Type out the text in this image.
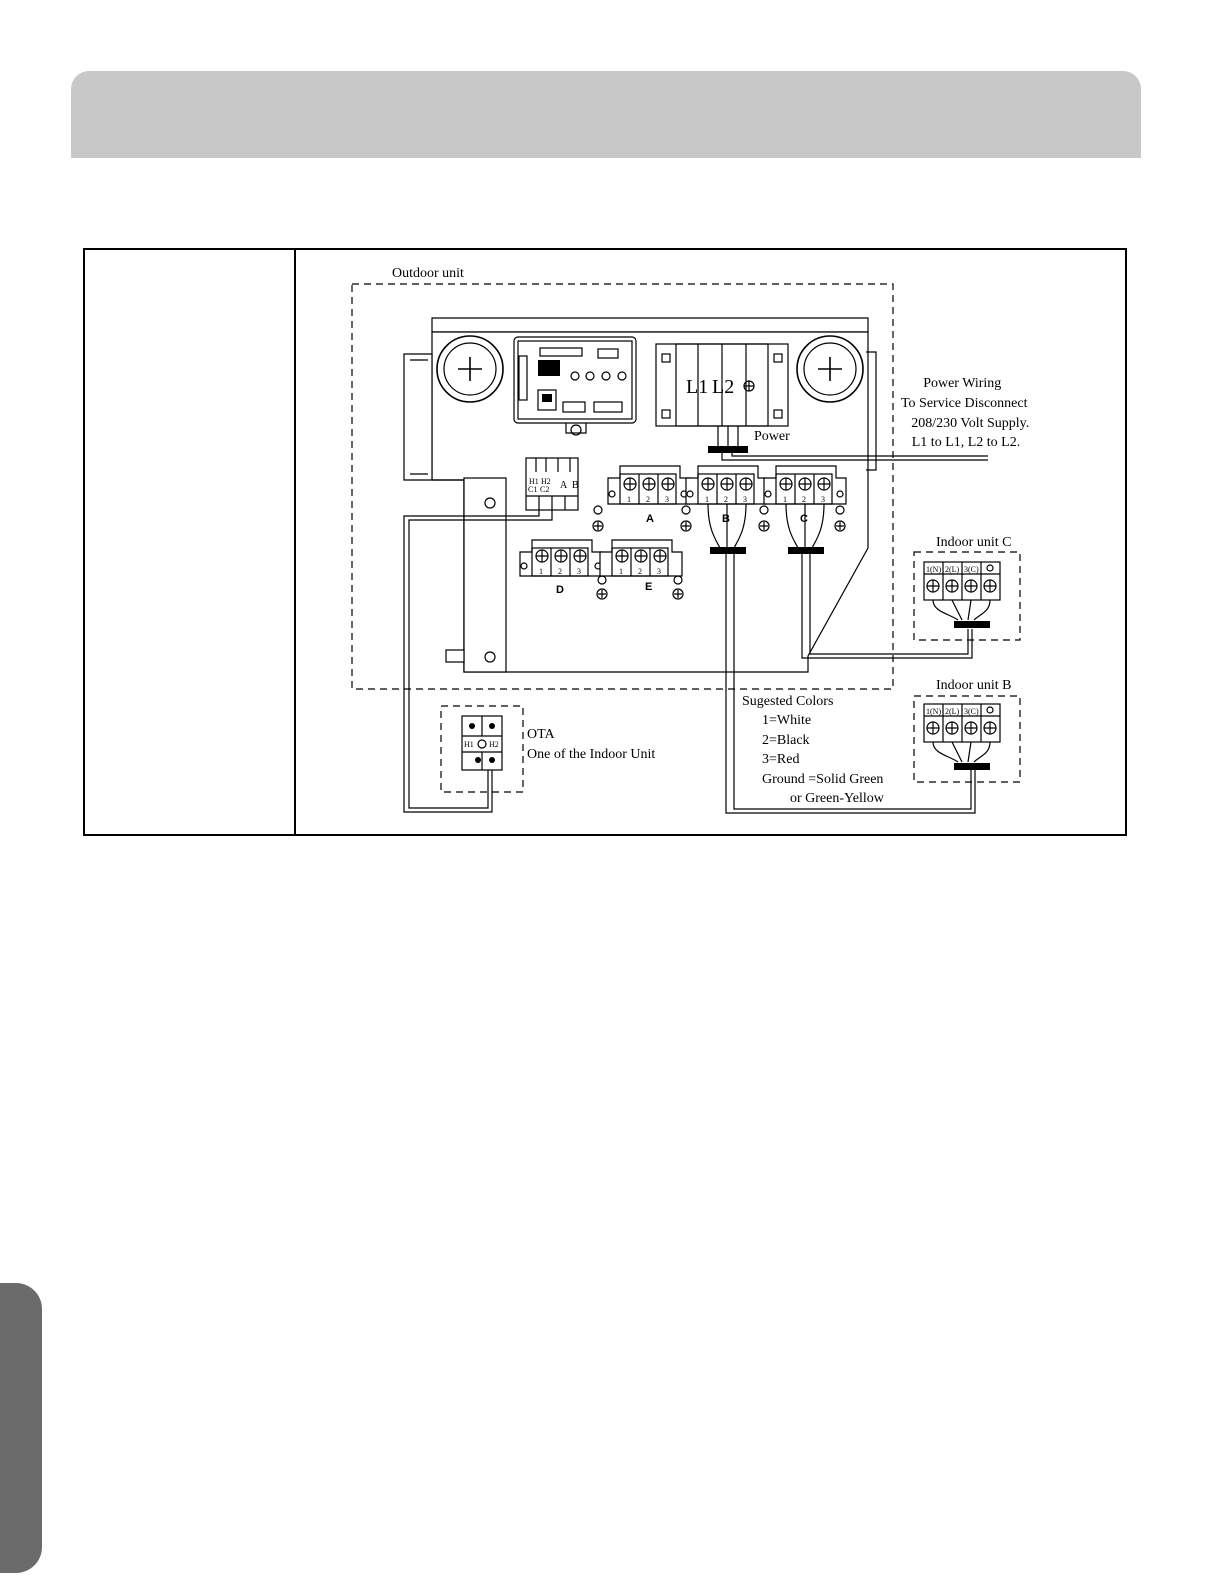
Outdoor unit
L1 L2
Power
Power Wiring To Service Disconnect 208/230 Volt Supply. L1 to L1, L2 to L2.
H1 H2
C1 C2 A B
1 2 3
A
1 2 3
B
1 2 3
C
1 2 3
D
1 2 3
E
Indoor unit C
1(N) 2(L) 3(C)
Indoor unit B
1(N) 2(L) 3(C)
Sugested Colors 1=White 2=Black 3=Red Ground =Solid Green or Green-Yellow
H1 H2
OTA One of the Indoor Unit
